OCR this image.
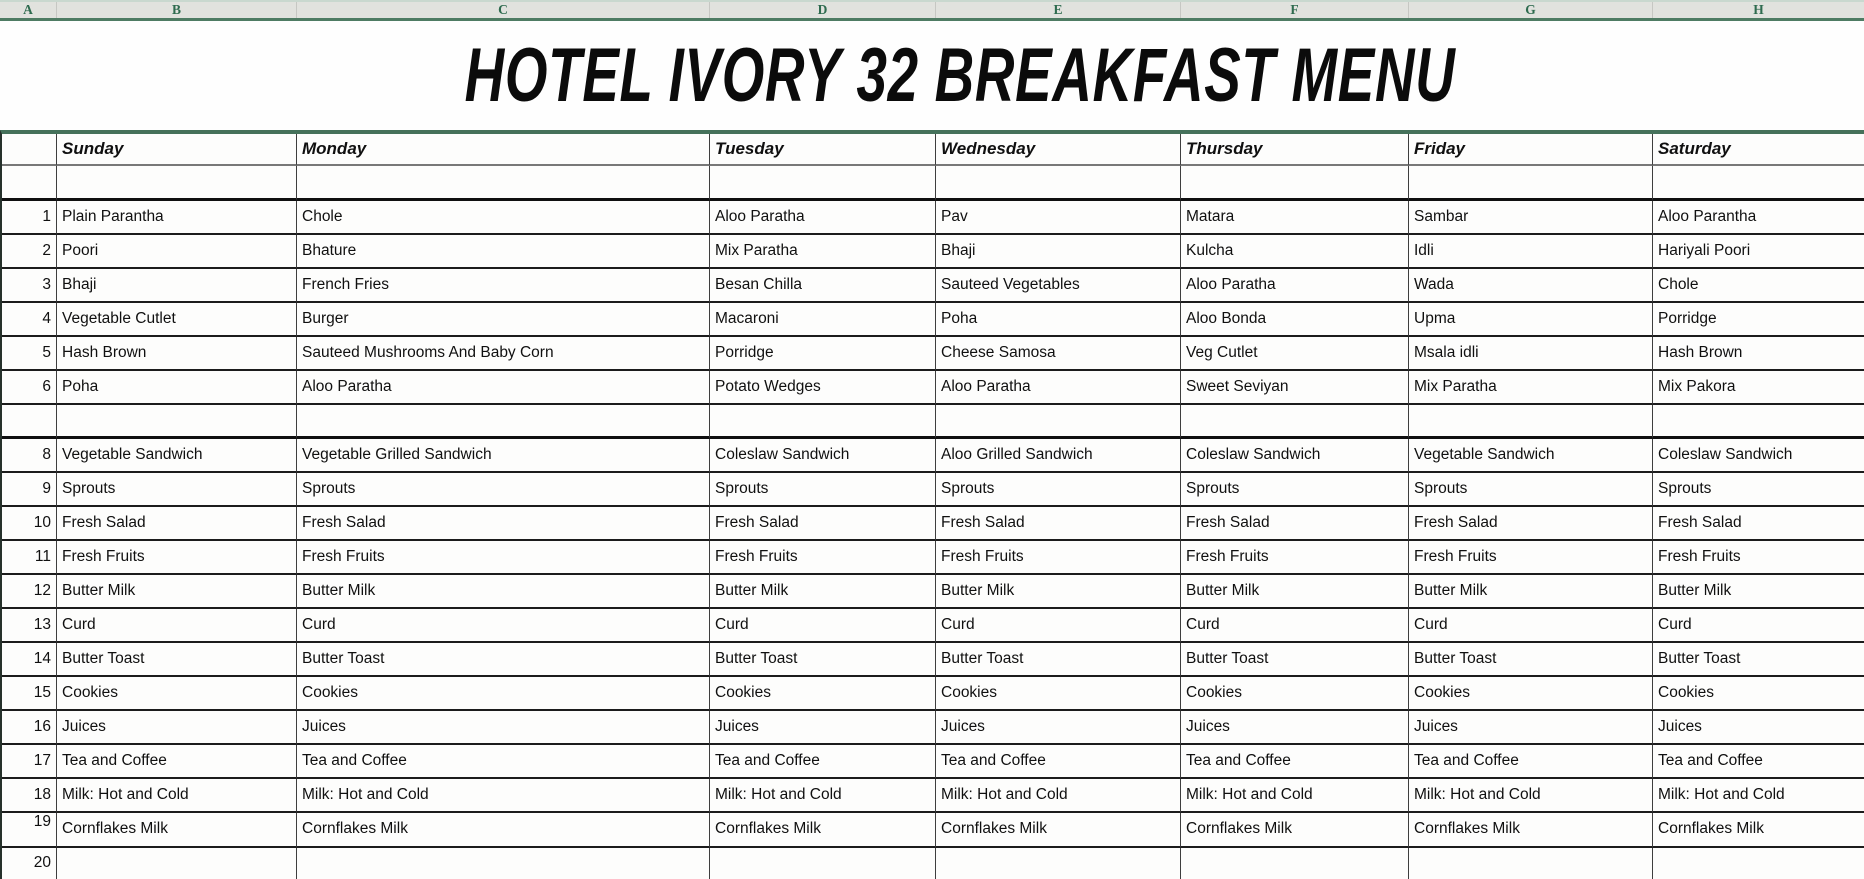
A	B	C	D	E	F	G	H
HOTEL IVORY 32 BREAKFAST MENU
Sunday	Monday	Tuesday	Wednesday	Thursday	Friday	Saturday
1 Plain Parantha	Chole	Aloo Paratha	Pav	Matara	Sambar	Aloo Parantha
2 Poori	Bhature	Mix Paratha	Bhaji	Kulcha	Idli	Hariyali Poori
3 Bhaji	French Fries	Besan Chilla	Sauteed Vegetables	Aloo Paratha	Wada	Chole
4 Vegetable Cutlet	Burger	Macaroni	Poha	Aloo Bonda	Upma	Porridge
5 Hash Brown	Sauteed Mushrooms And Baby Corn	Porridge	Cheese Samosa	Veg Cutlet	Msala idli	Hash Brown
6 Poha	Aloo Paratha	Potato Wedges	Aloo Paratha	Sweet Seviyan	Mix Paratha	Mix Pakora
8 Vegetable Sandwich	Vegetable Grilled Sandwich	Coleslaw Sandwich	Aloo Grilled Sandwich	Coleslaw Sandwich	Vegetable Sandwich	Coleslaw Sandwich
9 Sprouts	Sprouts	Sprouts	Sprouts	Sprouts	Sprouts	Sprouts
10 Fresh Salad	Fresh Salad	Fresh Salad	Fresh Salad	Fresh Salad	Fresh Salad	Fresh Salad
11 Fresh Fruits	Fresh Fruits	Fresh Fruits	Fresh Fruits	Fresh Fruits	Fresh Fruits	Fresh Fruits
12 Butter Milk	Butter Milk	Butter Milk	Butter Milk	Butter Milk	Butter Milk	Butter Milk
13 Curd	Curd	Curd	Curd	Curd	Curd	Curd
14 Butter Toast	Butter Toast	Butter Toast	Butter Toast	Butter Toast	Butter Toast	Butter Toast
15 Cookies	Cookies	Cookies	Cookies	Cookies	Cookies	Cookies
16 Juices	Juices	Juices	Juices	Juices	Juices	Juices
17 Tea and Coffee	Tea and Coffee	Tea and Coffee	Tea and Coffee	Tea and Coffee	Tea and Coffee	Tea and Coffee
18 Milk: Hot and Cold	Milk: Hot and Cold	Milk: Hot and Cold	Milk: Hot and Cold	Milk: Hot and Cold	Milk: Hot and Cold	Milk: Hot and Cold
19 Cornflakes Milk	Cornflakes Milk	Cornflakes Milk	Cornflakes Milk	Cornflakes Milk	Cornflakes Milk	Cornflakes Milk
20
